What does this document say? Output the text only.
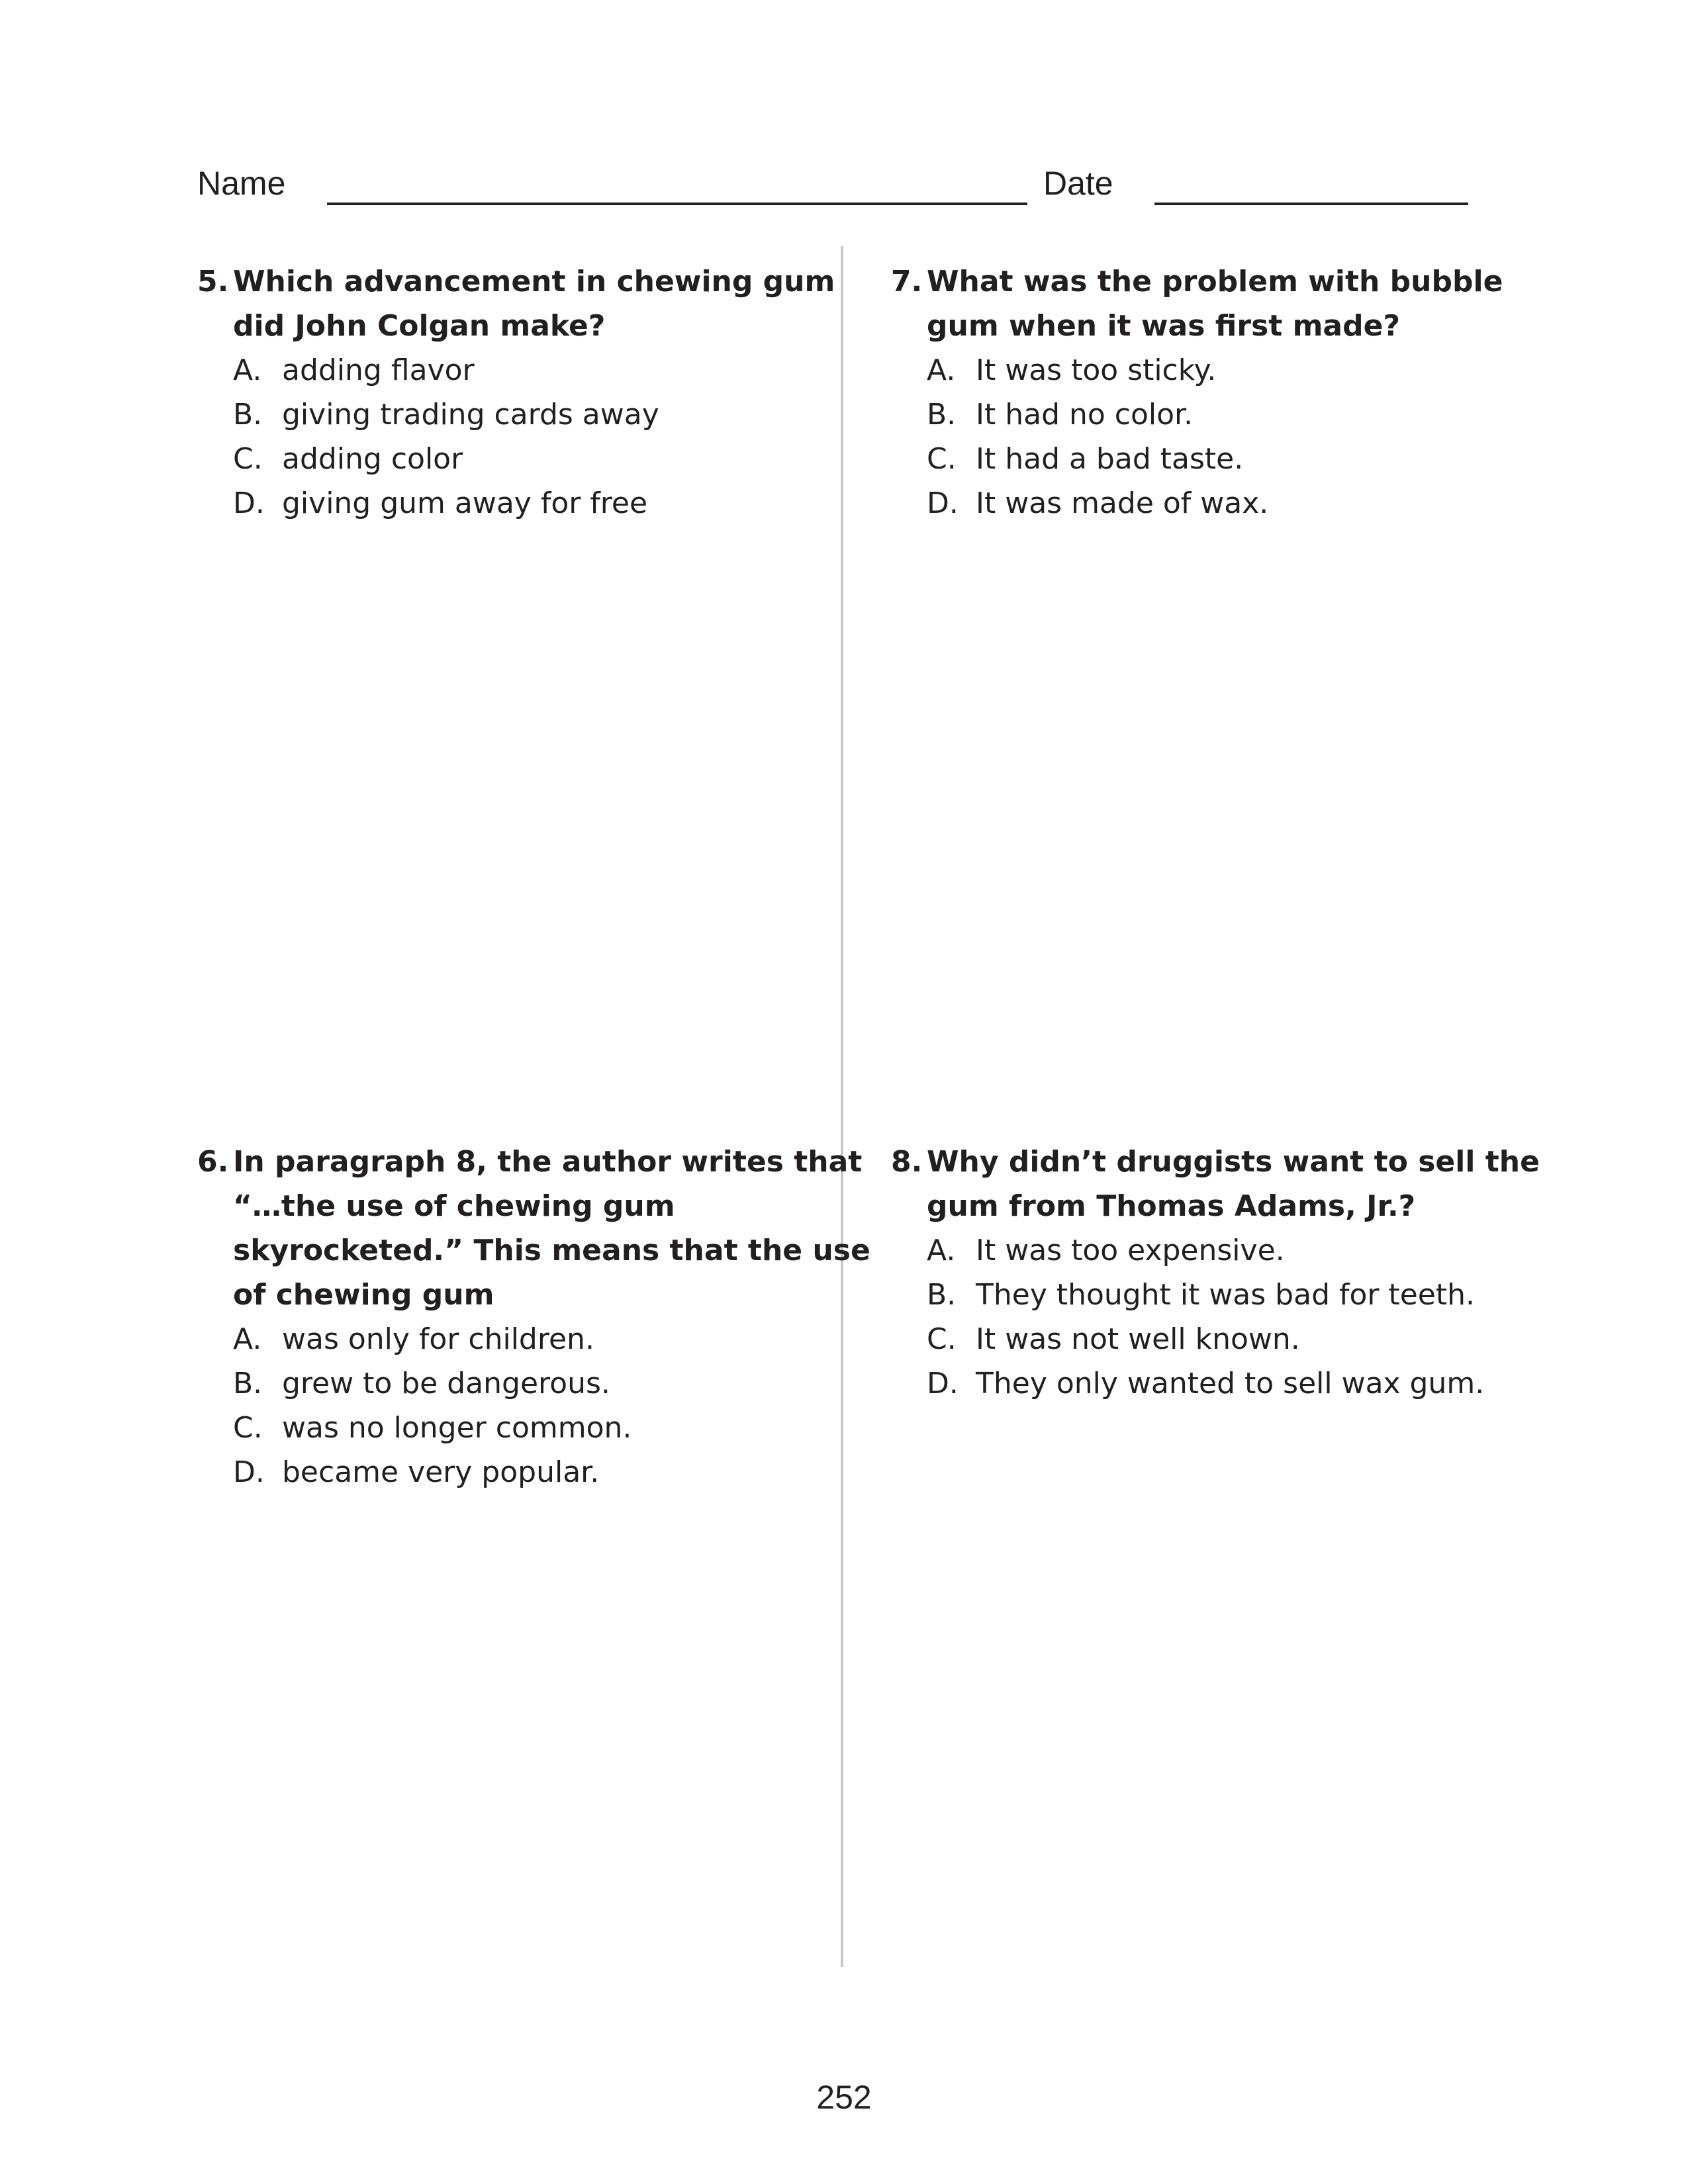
Name	Date
5. Which advancement in chewing gum
did John Colgan make?
A. adding flavor
B. giving trading cards away
C. adding color
D. giving gum away for free
7. What was the problem with bubble
gum when it was first made?
A. It was too sticky.
B. It had no color.
C. It had a bad taste.
D. It was made of wax.
6. In paragraph 8, the author writes that
“…the use of chewing gum
skyrocketed.” This means that the use
of chewing gum
A. was only for children.
B. grew to be dangerous.
C. was no longer common.
D. became very popular.
8. Why didn’t druggists want to sell the
gum from Thomas Adams, Jr.?
A. It was too expensive.
B. They thought it was bad for teeth.
C. It was not well known.
D. They only wanted to sell wax gum.
252
